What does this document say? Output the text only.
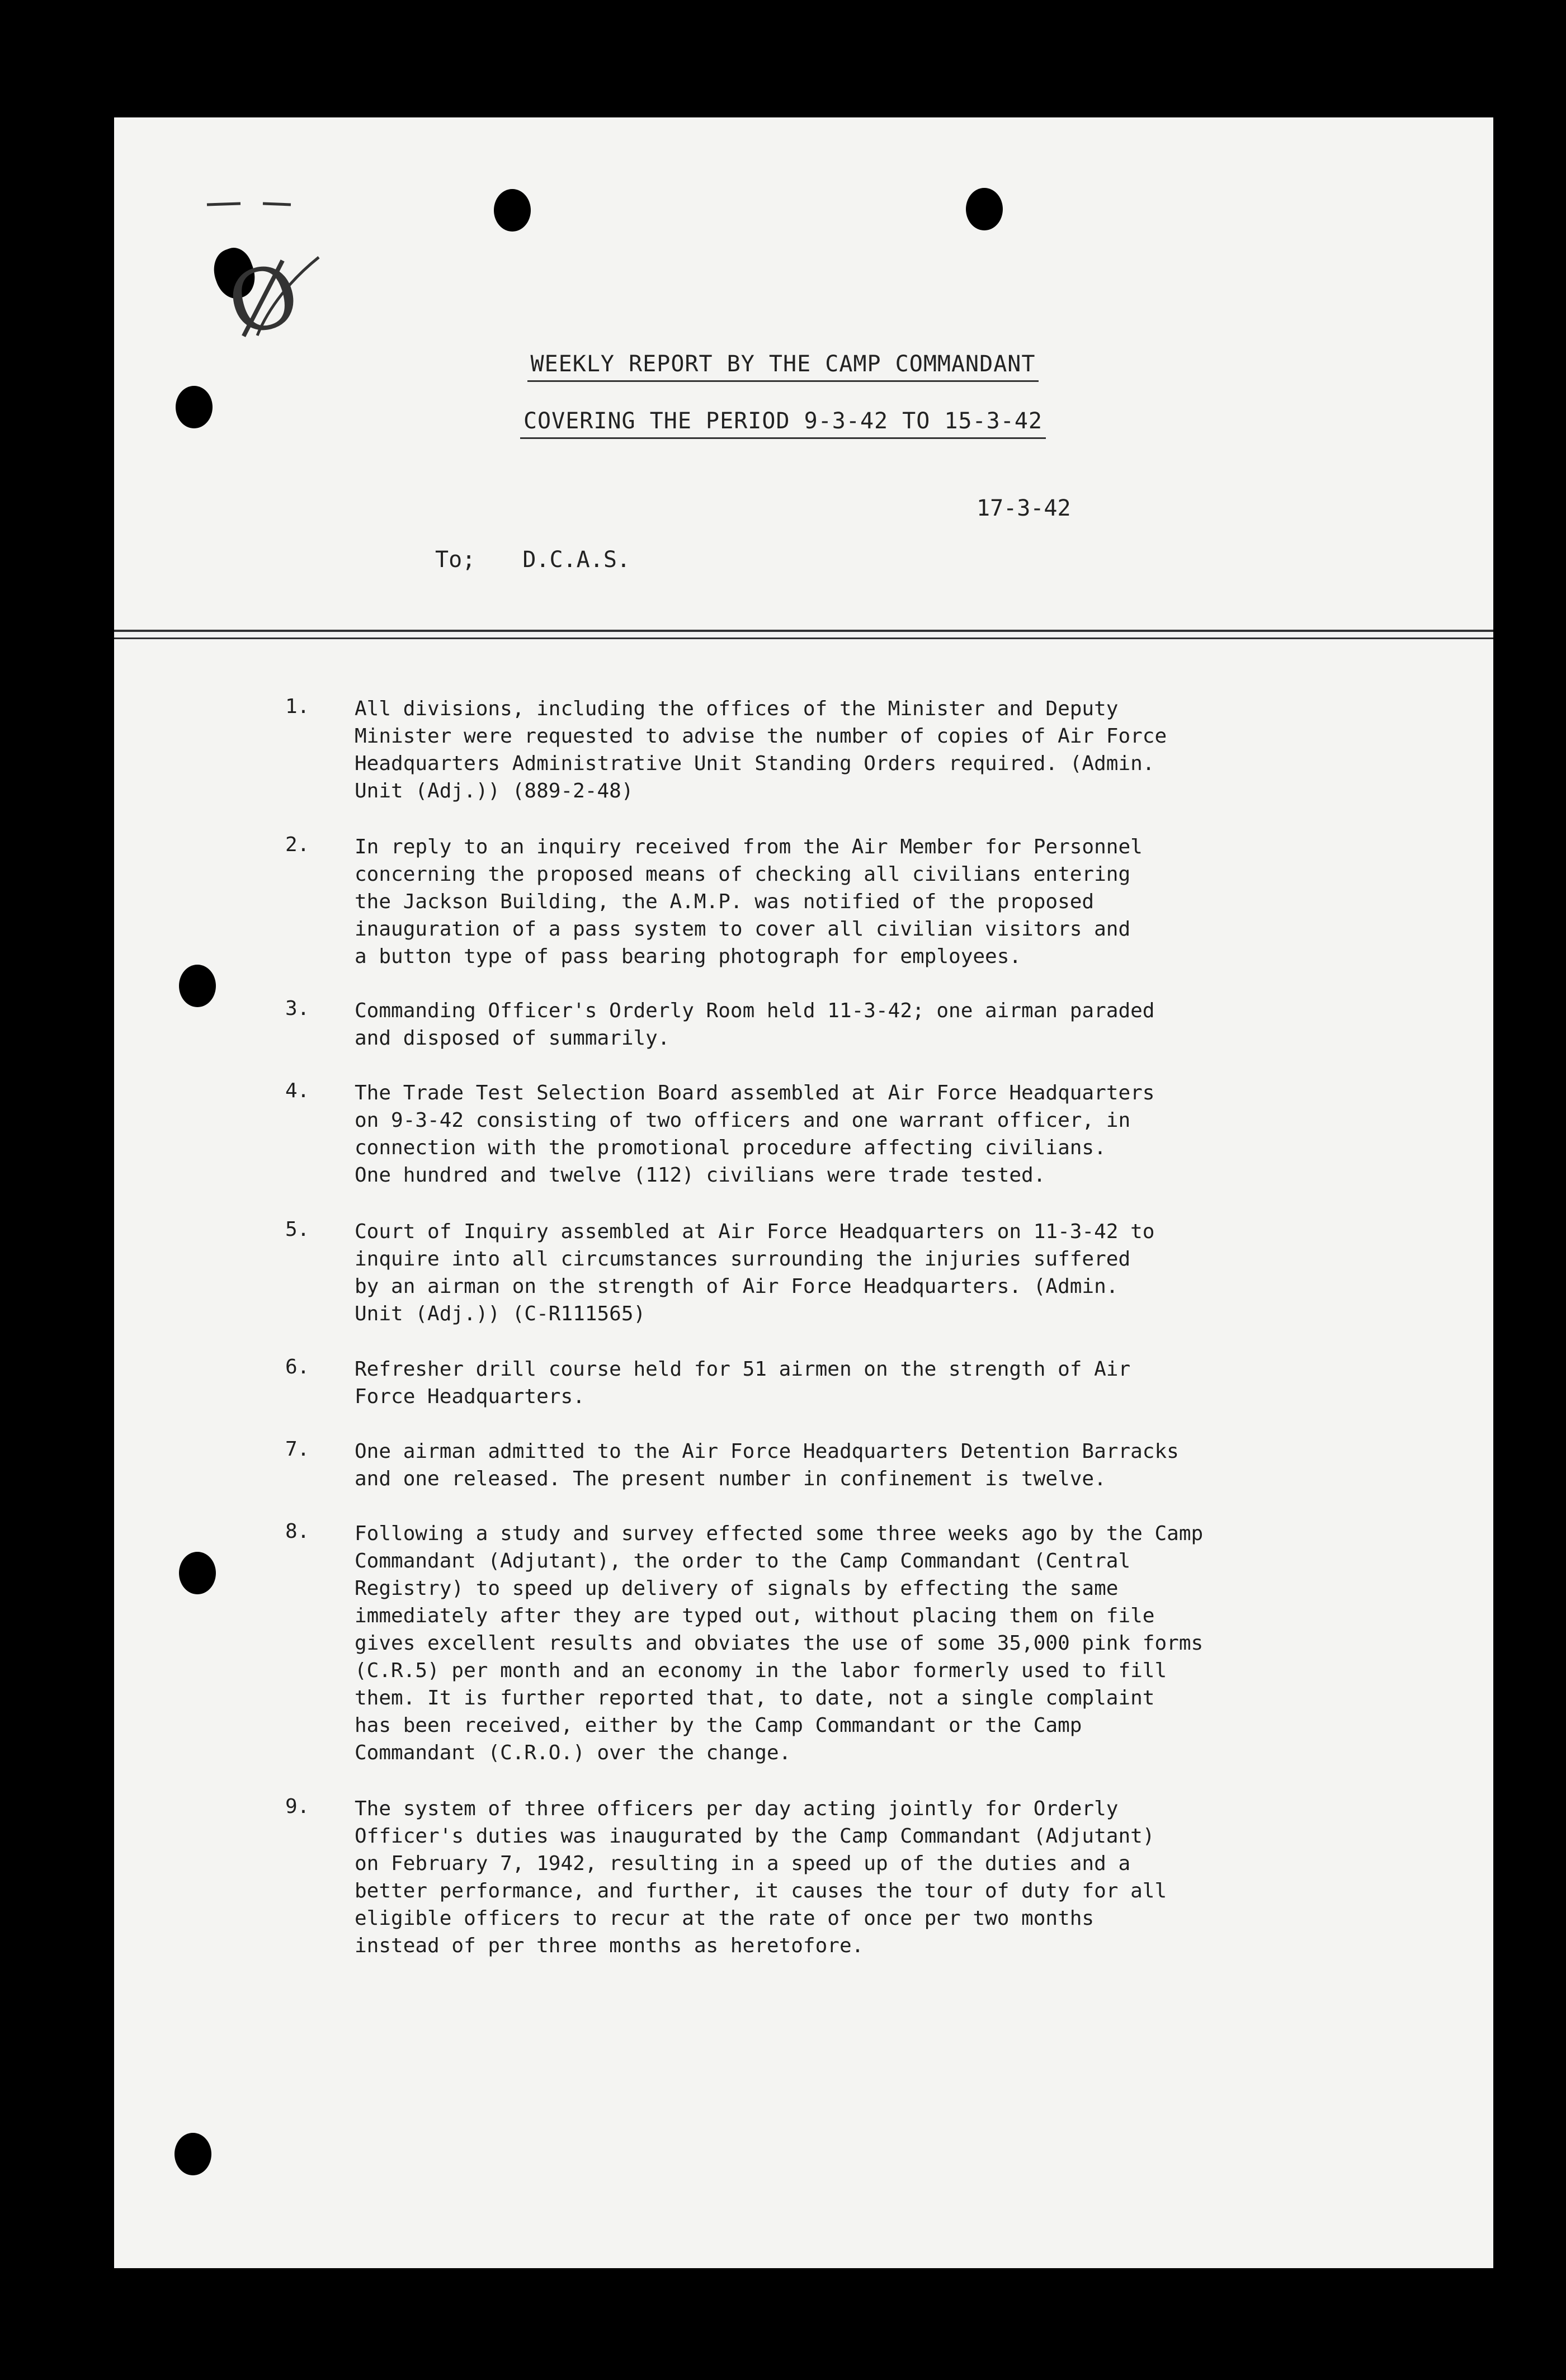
Ø
WEEKLY REPORT BY THE CAMP COMMANDANT
COVERING THE PERIOD 9-3-42 TO 15-3-42
17-3-42
To; D.C.A.S.
1.	All divisions, including the offices of the Minister and Deputy
Minister were requested to advise the number of copies of Air Force
Headquarters Administrative Unit Standing Orders required. (Admin.
Unit (Adj.)) (889-2-48)
2.	In reply to an inquiry received from the Air Member for Personnel
concerning the proposed means of checking all civilians entering
the Jackson Building, the A.M.P. was notified of the proposed
inauguration of a pass system to cover all civilian visitors and
a button type of pass bearing photograph for employees.
3.	Commanding Officer's Orderly Room held 11-3-42; one airman paraded
and disposed of summarily.
4.	The Trade Test Selection Board assembled at Air Force Headquarters
on 9-3-42 consisting of two officers and one warrant officer, in
connection with the promotional procedure affecting civilians.
One hundred and twelve (112) civilians were trade tested.
5.	Court of Inquiry assembled at Air Force Headquarters on 11-3-42 to
inquire into all circumstances surrounding the injuries suffered
by an airman on the strength of Air Force Headquarters. (Admin.
Unit (Adj.)) (C-R111565)
6.	Refresher drill course held for 51 airmen on the strength of Air
Force Headquarters.
7.	One airman admitted to the Air Force Headquarters Detention Barracks
and one released. The present number in confinement is twelve.
8.	Following a study and survey effected some three weeks ago by the Camp
Commandant (Adjutant), the order to the Camp Commandant (Central
Registry) to speed up delivery of signals by effecting the same
immediately after they are typed out, without placing them on file
gives excellent results and obviates the use of some 35,000 pink forms
(C.R.5) per month and an economy in the labor formerly used to fill
them. It is further reported that, to date, not a single complaint
has been received, either by the Camp Commandant or the Camp
Commandant (C.R.O.) over the change.
9.	The system of three officers per day acting jointly for Orderly
Officer's duties was inaugurated by the Camp Commandant (Adjutant)
on February 7, 1942, resulting in a speed up of the duties and a
better performance, and further, it causes the tour of duty for all
eligible officers to recur at the rate of once per two months
instead of per three months as heretofore.
